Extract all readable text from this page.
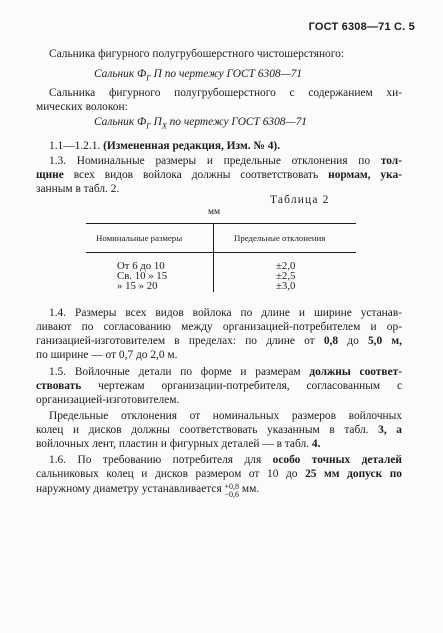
ГОСТ 6308—71 С. 5
Сальника фигурного полугрубошерстного чистошерстяного:
Сальник $Ф_Г$ П по чертежу ГОСТ 6308—71
Сальника фигурного полугрубошерстного с содержанием хи-
мических волокон:
Сальник $Ф_Г$ $П_Х$ по чертежу ГОСТ 6308—71
1.1—1.2.1. (Измененная редакция, Изм. № 4).
1.3. Номинальные размеры и предельные отклонения по тол-
щине всех видов войлока должны соответствовать нормам, ука-
занным в табл. 2.
Таблица 2
мм
Номинальные размеры	Предельные отклонения
От 6 до 10	±2,0
Св. 10 » 15	±2,5
» 15 » 20	±3,0
1.4. Размеры всех видов войлока по длине и ширине устанав-
ливают по согласованию между организацией-потребителем и ор-
ганизацией-изготовителем в пределах: по длине от 0,8 до 5,0 м,
по ширине — от 0,7 до 2,0 м.
1.5. Войлочные детали по форме и размерам должны соответ-
ствовать чертежам организации-потребителя, согласованным с
организацией-изготовителем.
Предельные отклонения от номинальных размеров войлочных
колец и дисков должны соответствовать указанным в табл. 3, а
войлочных лент, пластин и фигурных деталей — в табл. 4.
1.6. По требованию потребителя для особо точных деталей
сальниковых колец и дисков размером от 10 до 25 мм допуск по
наружному диаметру устанавливается +0,8
−0,6 мм.
